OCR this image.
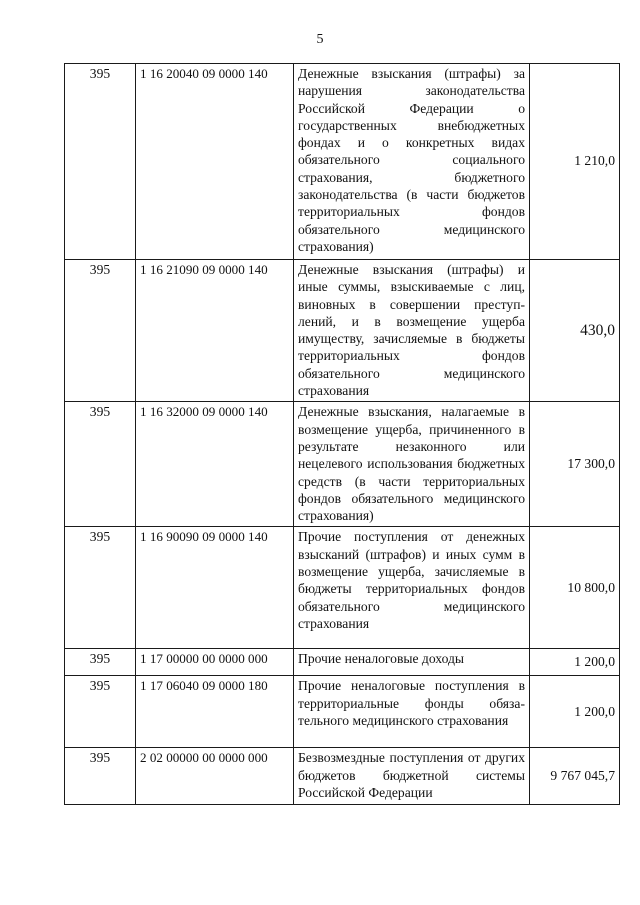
5
395	1 16 20040 09 0000 140	Денежные взыскания (штрафы) за нарушения законодательства Российской Федерации о государственных внебюджетных фондах и о конкретных видах обязательного социального страхования, бюджетного законодательства (в части бюджетов территориальных фондов обязательного медицинского страхования)	1 210,0
395	1 16 21090 09 0000 140	Денежные взыскания (штрафы) и иные суммы, взыскиваемые с лиц, виновных в совершении преступлений, и в возмещение ущерба имуществу, зачисляемые в бюджеты территориальных фондов обязательного медицинского страхования	430,0
395	1 16 32000 09 0000 140	Денежные взыскания, налагаемые в возмещение ущерба, причиненного в результате незаконного или нецелевого использования бюджетных средств (в части территориальных фондов обязательного медицинского страхования)	17 300,0
395	1 16 90090 09 0000 140	Прочие поступления от денежных взысканий (штрафов) и иных сумм в возмещение ущерба, зачисляемые в бюджеты территориальных фондов обязательного медицинского страхования	10 800,0
395	1 17 00000 00 0000 000	Прочие неналоговые доходы	1 200,0
395	1 17 06040 09 0000 180	Прочие неналоговые поступления в территориальные фонды обязательного медицинского страхования	1 200,0
395	2 02 00000 00 0000 000	Безвозмездные поступления от других бюджетов бюджетной системы Российской Федерации	9 767 045,7
